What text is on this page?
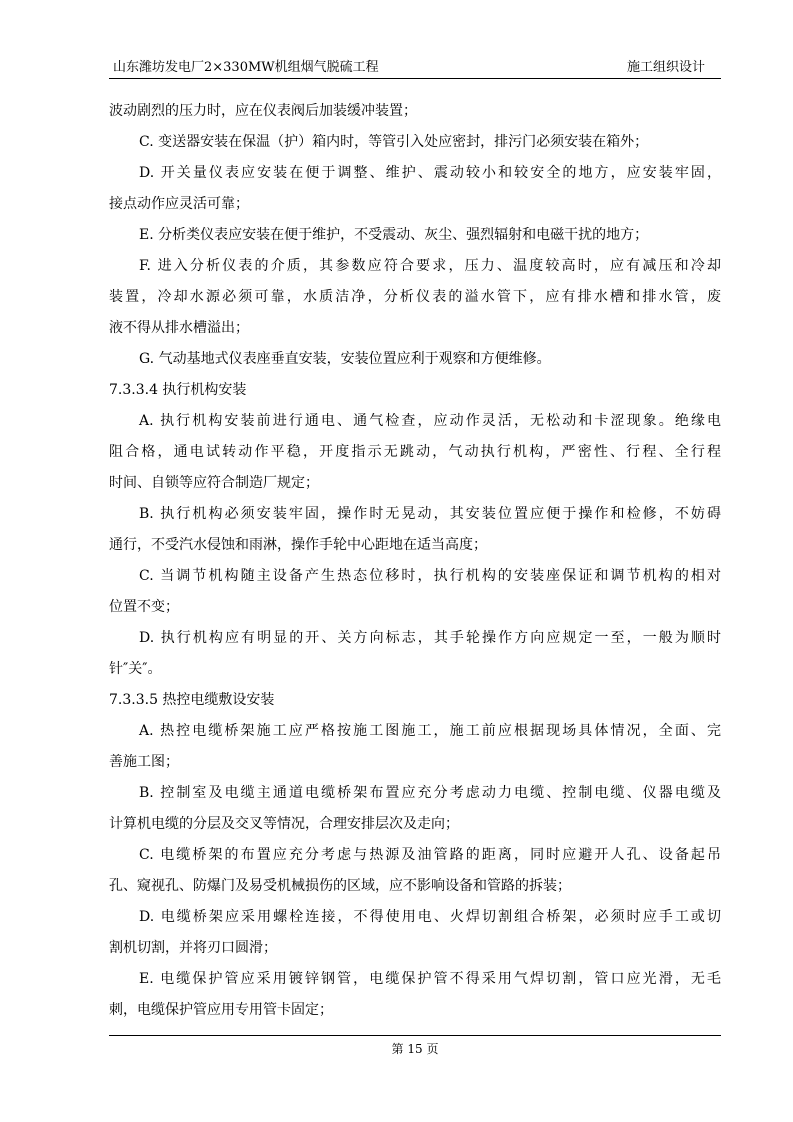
山东潍坊发电厂2×330MW机组烟气脱硫工程	施工组织设计
波动剧烈的压力时，应在仪表阀后加装缓冲装置；
C. 变送器安装在保温（护）箱内时，等管引入处应密封，排污门必须安装在箱外；
D. 开关量仪表应安装在便于调整、维护、震动较小和较安全的地方，应安装牢固，
接点动作应灵活可靠；
E. 分析类仪表应安装在便于维护，不受震动、灰尘、强烈辐射和电磁干扰的地方；
F. 进入分析仪表的介质，其参数应符合要求，压力、温度较高时，应有减压和冷却
装置，冷却水源必须可靠，水质洁净，分析仪表的溢水管下，应有排水槽和排水管，废
液不得从排水槽溢出；
G. 气动基地式仪表座垂直安装，安装位置应利于观察和方便维修。
7.3.3.4 执行机构安装
A. 执行机构安装前进行通电、通气检查，应动作灵活，无松动和卡涩现象。绝缘电
阻合格，通电试转动作平稳，开度指示无跳动，气动执行机构，严密性、行程、全行程
时间、自锁等应符合制造厂规定；
B. 执行机构必须安装牢固，操作时无晃动，其安装位置应便于操作和检修，不妨碍
通行，不受汽水侵蚀和雨淋，操作手轮中心距地在适当高度；
C. 当调节机构随主设备产生热态位移时，执行机构的安装座保证和调节机构的相对
位置不变；
D. 执行机构应有明显的开、关方向标志，其手轮操作方向应规定一至，一般为顺时
针″关″。
7.3.3.5 热控电缆敷设安装
A. 热控电缆桥架施工应严格按施工图施工，施工前应根据现场具体情况，全面、完
善施工图；
B. 控制室及电缆主通道电缆桥架布置应充分考虑动力电缆、控制电缆、仪器电缆及
计算机电缆的分层及交叉等情况，合理安排层次及走向；
C. 电缆桥架的布置应充分考虑与热源及油管路的距离，同时应避开人孔、设备起吊
孔、窥视孔、防爆门及易受机械损伤的区域，应不影响设备和管路的拆装；
D. 电缆桥架应采用螺栓连接，不得使用电、火焊切割组合桥架，必须时应手工或切
割机切割，并将刃口圆滑；
E. 电缆保护管应采用镀锌钢管，电缆保护管不得采用气焊切割，管口应光滑，无毛
刺，电缆保护管应用专用管卡固定；
第 15 页
